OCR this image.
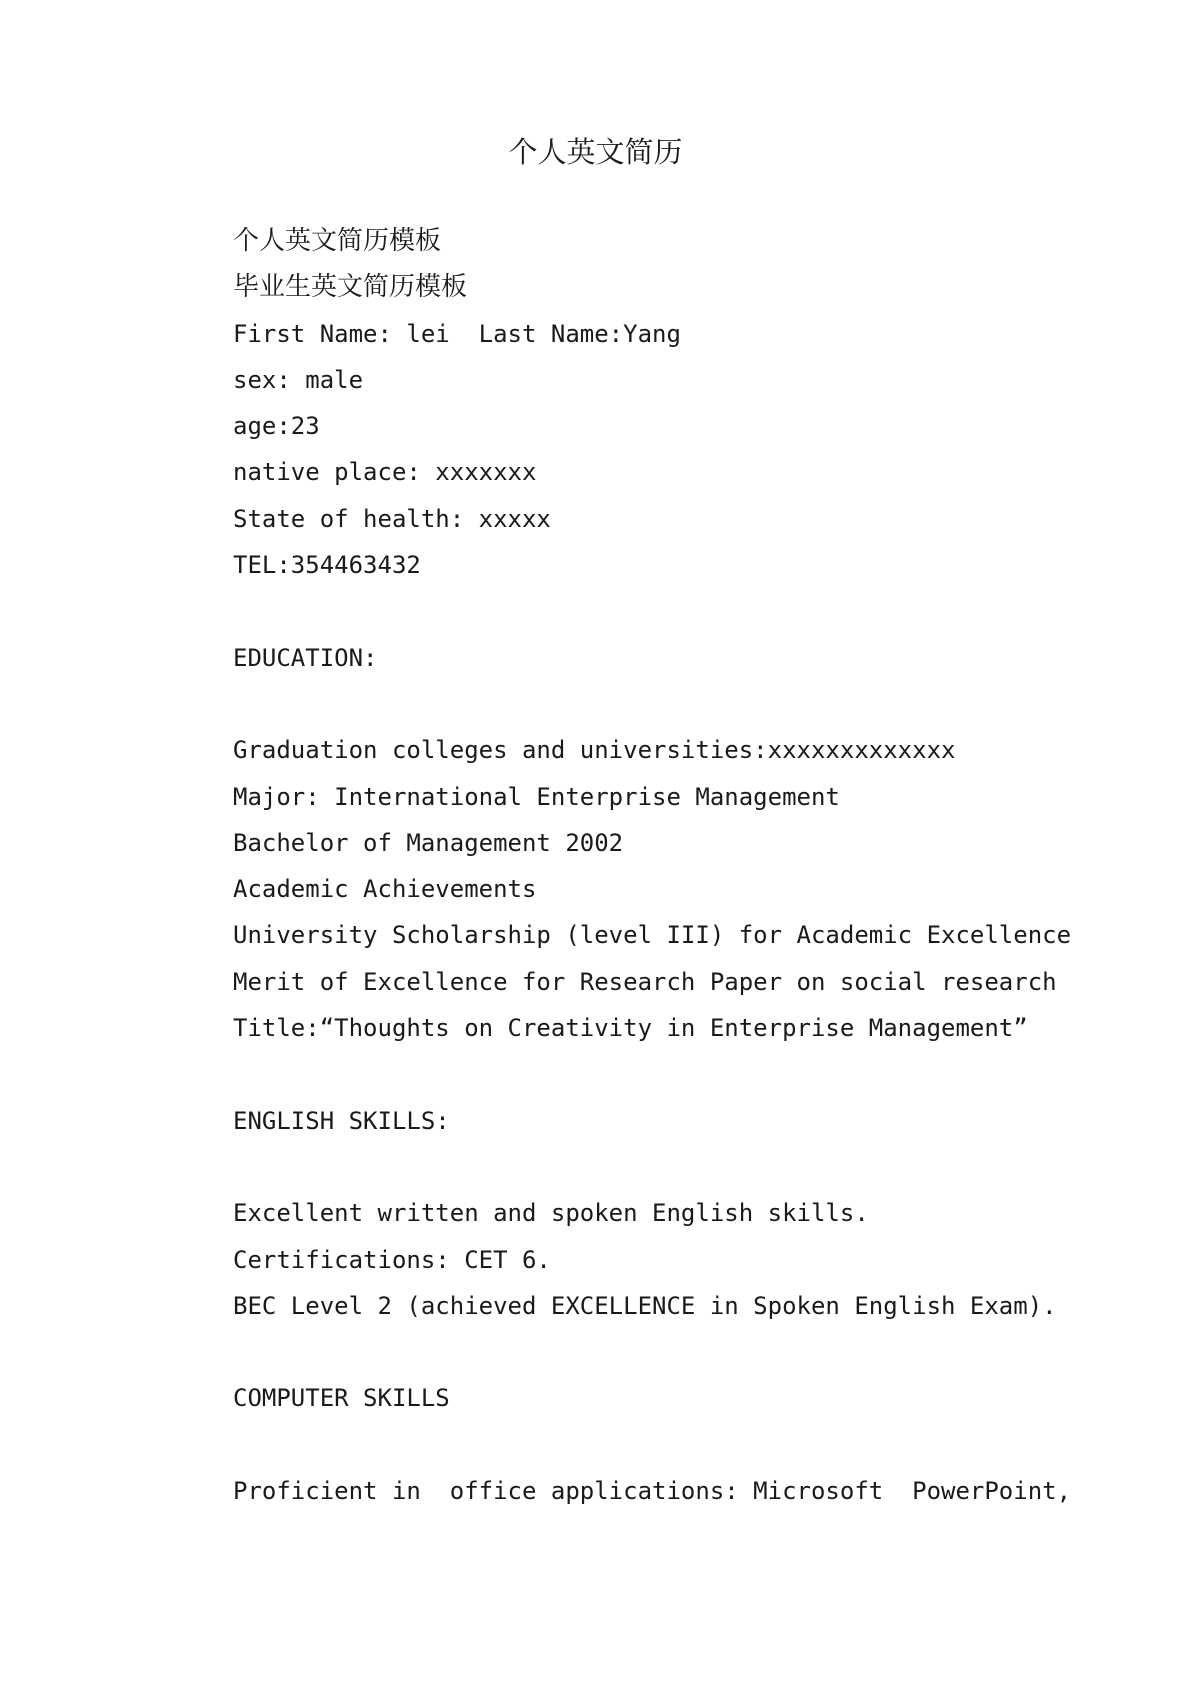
个人英文简历
个人英文简历模板
毕业生英文简历模板
First Name: lei  Last Name:Yang
sex: male
age:23
native place: xxxxxxx
State of health: xxxxx
TEL:354463432
EDUCATION:
Graduation colleges and universities:xxxxxxxxxxxxx
Major: International Enterprise Management
Bachelor of Management 2002
Academic Achievements
University Scholarship (level III) for Academic Excellence
Merit of Excellence for Research Paper on social research
Title:“Thoughts on Creativity in Enterprise Management”
ENGLISH SKILLS:
Excellent written and spoken English skills.
Certifications: CET 6.
BEC Level 2 (achieved EXCELLENCE in Spoken English Exam).
COMPUTER SKILLS
Proficient in  office applications: Microsoft  PowerPoint,
